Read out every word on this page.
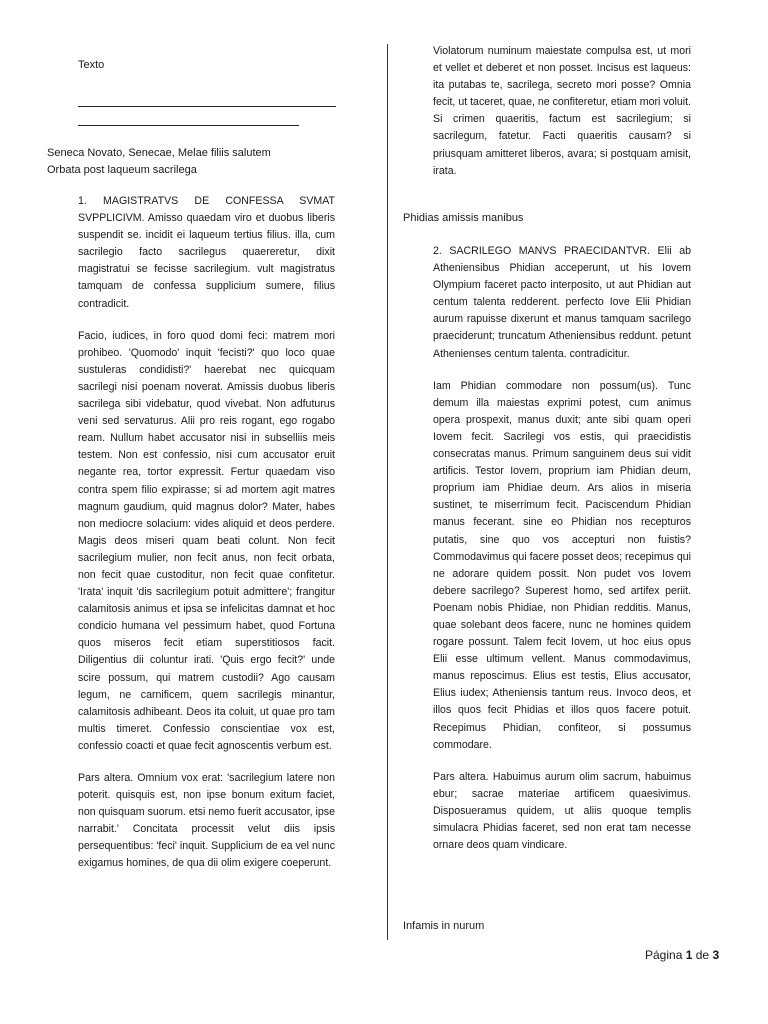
Texto
Seneca Novato, Senecae, Melae filiis salutem
Orbata post laqueum sacrilega

1. MAGISTRATVS DE CONFESSA SVMAT SVPPLICIVM. Amisso quaedam viro et duobus liberis suspendit se. incidit ei laqueum tertius filius. illa, cum sacrilegio facto sacrilegus quaereretur, dixit magistratui se fecisse sacrilegium. vult magistratus tamquam de confessa supplicium sumere, filius contradicit.

Facio, iudices, in foro quod domi feci: matrem mori prohibeo. 'Quomodo' inquit 'fecisti?' quo loco quae sustuleras condidisti?' haerebat nec quicquam sacrilegi nisi poenam noverat. Amissis duobus liberis sacrilega sibi videbatur, quod vivebat. Non adfuturus veni sed servaturus. Alii pro reis rogant, ego rogabo ream. Nullum habet accusator nisi in subselliis meis testem. Non est confessio, nisi cum accusator eruit negante rea, tortor expressit. Fertur quaedam viso contra spem filio expirasse; si ad mortem agit matres magnum gaudium, quid magnus dolor? Mater, habes non mediocre solacium: vides aliquid et deos perdere. Magis deos miseri quam beati colunt. Non fecit sacrilegium mulier, non fecit anus, non fecit orbata, non fecit quae custoditur, non fecit quae confitetur. 'Irata' inquit 'dis sacrilegium potuit admittere'; frangitur calamitosis animus et ipsa se infelicitas damnat et hoc condicio humana vel pessimum habet, quod Fortuna quos miseros fecit etiam superstitiosos facit. Diligentius dii coluntur irati. 'Quis ergo fecit?' unde scire possum, qui matrem custodii? Ago causam legum, ne carnificem, quem sacrilegis minantur, calamitosis adhibeant. Deos ita coluit, ut quae pro tam multis timeret. Confessio conscientiae vox est, confessio coacti et quae fecit agnoscentis verbum est.

Pars altera. Omnium vox erat: 'sacrilegium latere non poterit. quisquis est, non ipse bonum exitum faciet, non quisquam suorum. etsi nemo fuerit accusator, ipse narrabit.' Concitata processit velut diis ipsis persequentibus: 'feci' inquit. Supplicium de ea vel nunc exigamus homines, de qua dii olim exigere coeperunt.

Violatorum numinum maiestate compulsa est, ut mori et vellet et deberet et non posset. Incisus est laqueus: ita putabas te, sacrilega, secreto mori posse? Omnia fecit, ut taceret, quae, ne confiteretur, etiam mori voluit. Si crimen quaeritis, factum est sacrilegium; si sacrilegum, fatetur. Facti quaeritis causam? si priusquam amitteret liberos, avara; si postquam amisit, irata.

Phidias amissis manibus

2. SACRILEGO MANVS PRAECIDANTVR. Elii ab Atheniensibus Phidian acceperunt, ut his Iovem Olympium faceret pacto interposito, ut aut Phidian aut centum talenta redderent. perfecto Iove Elii Phidian aurum rapuisse dixerunt et manus tamquam sacrilego praeciderunt; truncatum Atheniensibus reddunt. petunt Athenienses centum talenta. contradicitur.

Iam Phidian commodare non possum(us). Tunc demum illa maiestas exprimi potest, cum animus opera prospexit, manus duxit; ante sibi quam operi Iovem fecit. Sacrilegi vos estis, qui praecidistis consecratas manus. Primum sanguinem deus sui vidit artificis. Testor Iovem, proprium iam Phidian deum, proprium iam Phidiae deum. Ars alios in miseria sustinet, te miserrimum fecit. Paciscendum Phidian manus fecerant. sine eo Phidian nos recepturos putatis, sine quo vos accepturi non fuistis? Commodavimus qui facere posset deos; recepimus qui ne adorare quidem possit. Non pudet vos Iovem debere sacrilego? Superest homo, sed artifex periit. Poenam nobis Phidiae, non Phidian redditis. Manus, quae solebant deos facere, nunc ne homines quidem rogare possunt. Talem fecit Iovem, ut hoc eius opus Elii esse ultimum vellent. Manus commodavimus, manus reposcimus. Elius est testis, Elius accusator, Elius iudex; Atheniensis tantum reus. Invoco deos, et illos quos fecit Phidias et illos quos facere potuit. Recepimus Phidian, confiteor, si possumus commodare.

Pars altera. Habuimus aurum olim sacrum, habuimus ebur; sacrae materiae artificem quaesivimus. Disposueramus quidem, ut aliis quoque templis simulacra Phidias faceret, sed non erat tam necesse ornare deos quam vindicare.

Infamis in nurum
Página 1 de 3
